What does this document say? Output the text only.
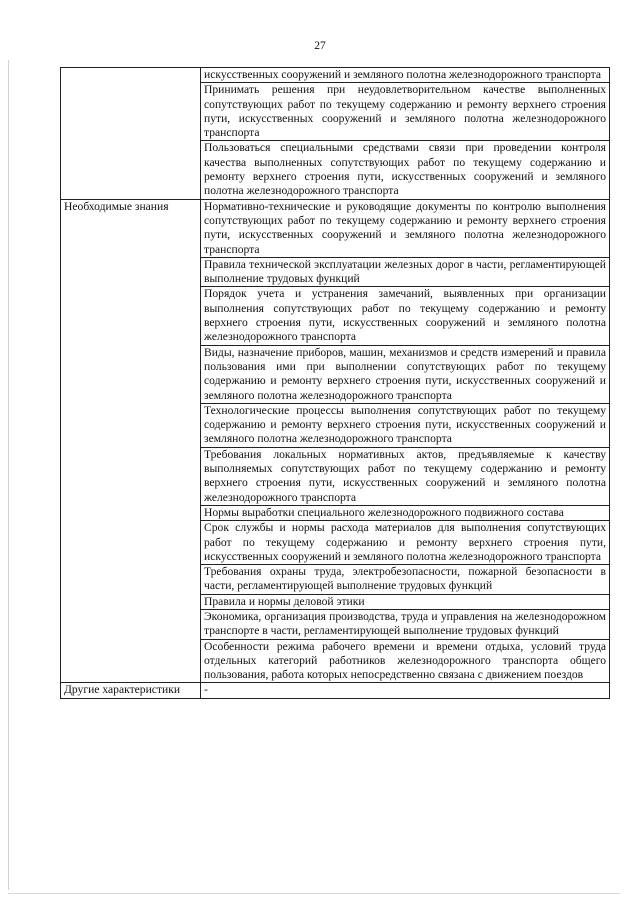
27
	искусственных сооружений и земляного полотна железнодорожного транспорта
	Принимать решения при неудовлетворительном качестве выполненных сопутствующих работ по текущему содержанию и ремонту верхнего строения пути, искусственных сооружений и земляного полотна железнодорожного транспорта
	Пользоваться специальными средствами связи при проведении контроля качества выполненных сопутствующих работ по текущему содержанию и ремонту верхнего строения пути, искусственных сооружений и земляного полотна железнодорожного транспорта
Необходимые знания	Нормативно-технические и руководящие документы по контролю выполнения сопутствующих работ по текущему содержанию и ремонту верхнего строения пути, искусственных сооружений и земляного полотна железнодорожного транспорта
	Правила технической эксплуатации железных дорог в части, регламентирующей выполнение трудовых функций
	Порядок учета и устранения замечаний, выявленных при организации выполнения сопутствующих работ по текущему содержанию и ремонту верхнего строения пути, искусственных сооружений и земляного полотна железнодорожного транспорта
	Виды, назначение приборов, машин, механизмов и средств измерений и правила пользования ими при выполнении сопутствующих работ по текущему содержанию и ремонту верхнего строения пути, искусственных сооружений и земляного полотна железнодорожного транспорта
	Технологические процессы выполнения сопутствующих работ по текущему содержанию и ремонту верхнего строения пути, искусственных сооружений и земляного полотна железнодорожного транспорта
	Требования локальных нормативных актов, предъявляемые к качеству выполняемых сопутствующих работ по текущему содержанию и ремонту верхнего строения пути, искусственных сооружений и земляного полотна железнодорожного транспорта
	Нормы выработки специального железнодорожного подвижного состава
	Срок службы и нормы расхода материалов для выполнения сопутствующих работ по текущему содержанию и ремонту верхнего строения пути, искусственных сооружений и земляного полотна железнодорожного транспорта
	Требования охраны труда, электробезопасности, пожарной безопасности в части, регламентирующей выполнение трудовых функций
	Правила и нормы деловой этики
	Экономика, организация производства, труда и управления на железнодорожном транспорте в части, регламентирующей выполнение трудовых функций
	Особенности режима рабочего времени и времени отдыха, условий труда отдельных категорий работников железнодорожного транспорта общего пользования, работа которых непосредственно связана с движением поездов
Другие характеристики	-
